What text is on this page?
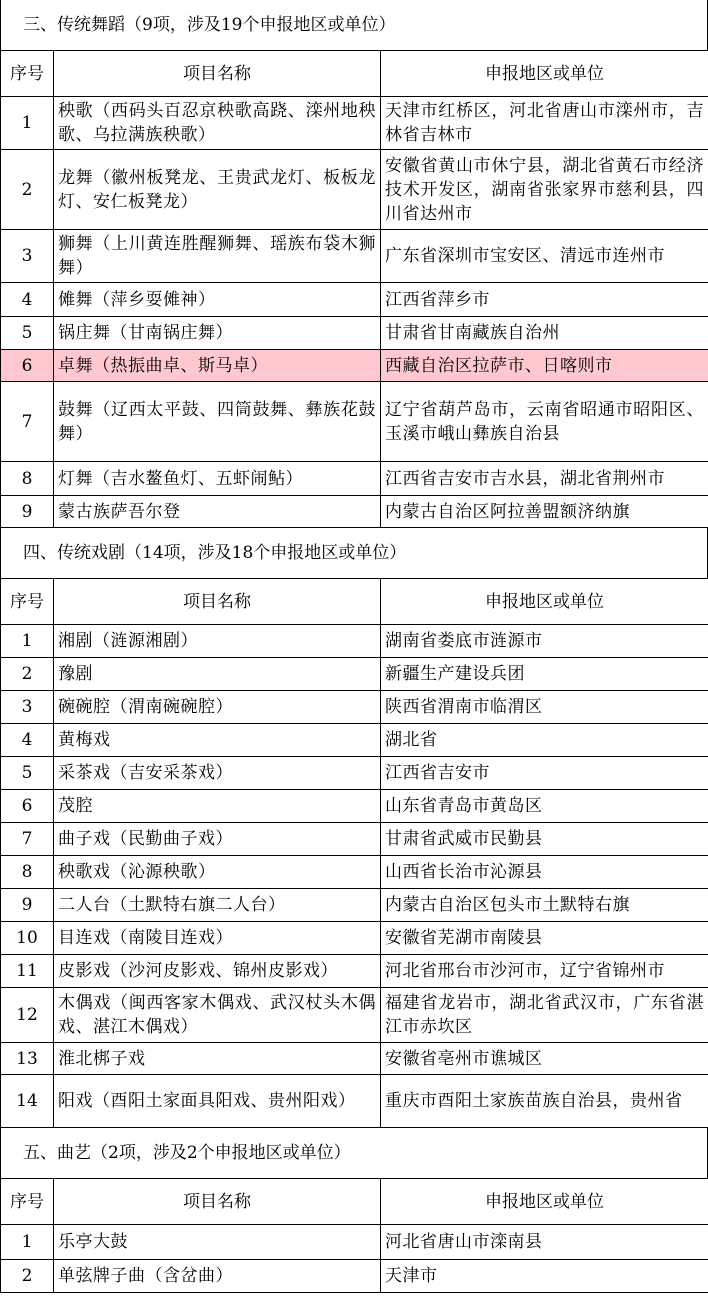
三、传统舞蹈（9项，涉及19个申报地区或单位）
序号	项目名称	申报地区或单位
1	秧歌（西码头百忍京秧歌高跷、滦州地秧歌、乌拉满族秧歌）	天津市红桥区，河北省唐山市滦州市，吉林省吉林市
2	龙舞（徽州板凳龙、王贵武龙灯、板板龙灯、安仁板凳龙）	安徽省黄山市休宁县，湖北省黄石市经济技术开发区，湖南省张家界市慈利县，四川省达州市
3	狮舞（上川黄连胜醒狮舞、瑶族布袋木狮舞）	广东省深圳市宝安区、清远市连州市
4	傩舞（萍乡耍傩神）	江西省萍乡市
5	锅庄舞（甘南锅庄舞）	甘肃省甘南藏族自治州
6	卓舞（热振曲卓、斯马卓）	西藏自治区拉萨市、日喀则市
7	鼓舞（辽西太平鼓、四筒鼓舞、彝族花鼓舞）	辽宁省葫芦岛市，云南省昭通市昭阳区、玉溪市峨山彝族自治县
8	灯舞（吉水鳌鱼灯、五虾闹鲇）	江西省吉安市吉水县，湖北省荆州市
9	蒙古族萨吾尔登	内蒙古自治区阿拉善盟额济纳旗
四、传统戏剧（14项，涉及18个申报地区或单位）
序号	项目名称	申报地区或单位
1	湘剧（涟源湘剧）	湖南省娄底市涟源市
2	豫剧	新疆生产建设兵团
3	碗碗腔（渭南碗碗腔）	陕西省渭南市临渭区
4	黄梅戏	湖北省
5	采茶戏（吉安采茶戏）	江西省吉安市
6	茂腔	山东省青岛市黄岛区
7	曲子戏（民勤曲子戏）	甘肃省武威市民勤县
8	秧歌戏（沁源秧歌）	山西省长治市沁源县
9	二人台（土默特右旗二人台）	内蒙古自治区包头市土默特右旗
10	目连戏（南陵目连戏）	安徽省芜湖市南陵县
11	皮影戏（沙河皮影戏、锦州皮影戏）	河北省邢台市沙河市，辽宁省锦州市
12	木偶戏（闽西客家木偶戏、武汉杖头木偶戏、湛江木偶戏）	福建省龙岩市，湖北省武汉市，广东省湛江市赤坎区
13	淮北梆子戏	安徽省亳州市谯城区
14	阳戏（酉阳土家面具阳戏、贵州阳戏）	重庆市酉阳土家族苗族自治县，贵州省
五、曲艺（2项，涉及2个申报地区或单位）
序号	项目名称	申报地区或单位
1	乐亭大鼓	河北省唐山市滦南县
2	单弦牌子曲（含岔曲）	天津市
